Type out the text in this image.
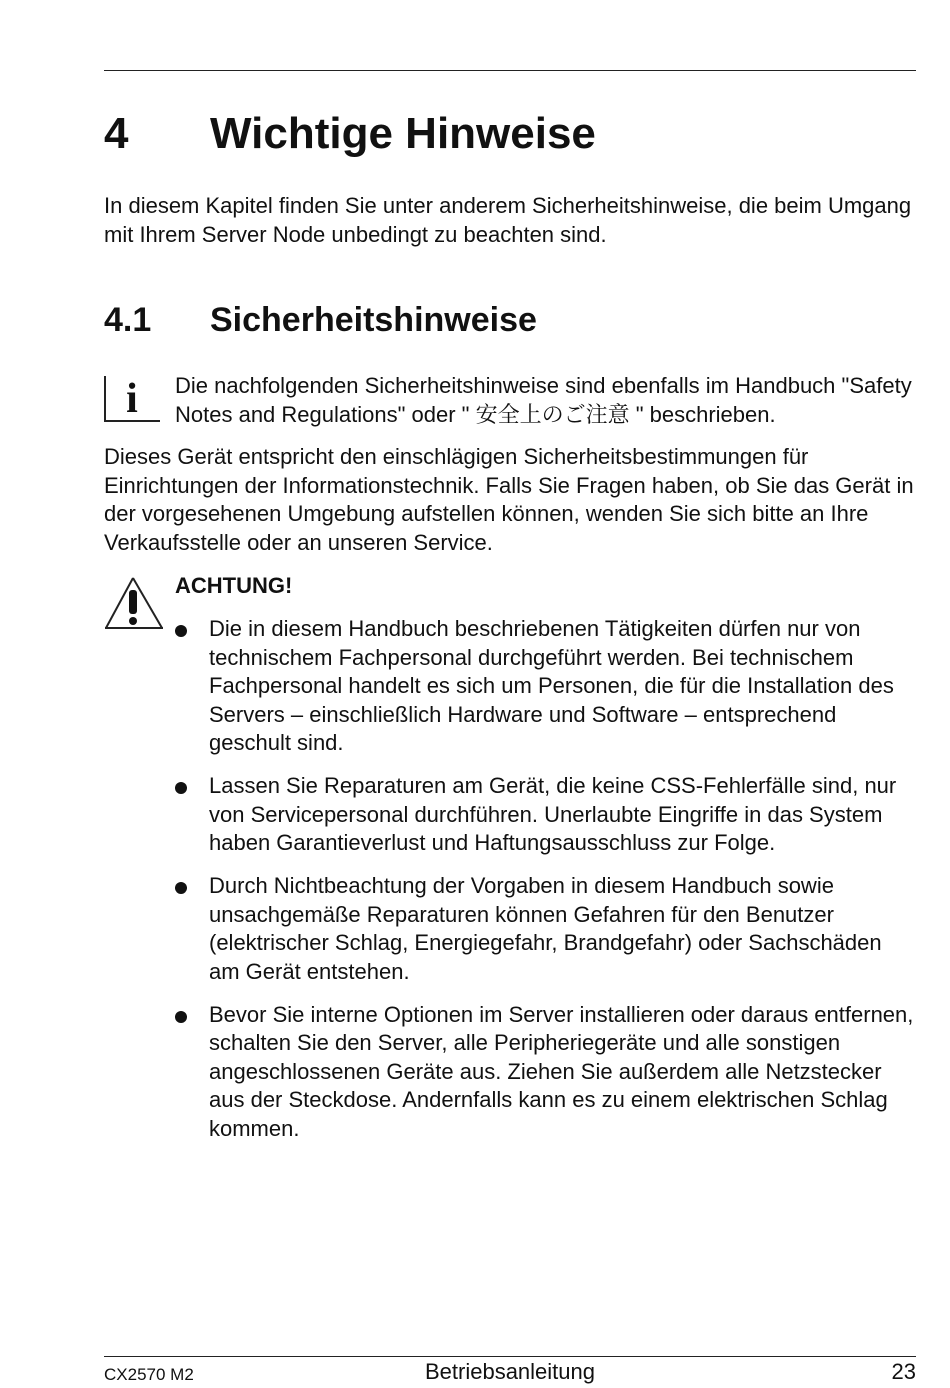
4 Wichtige Hinweise
In diesem Kapitel finden Sie unter anderem Sicherheitshinweise, die beim Umgang mit Ihrem Server Node unbedingt zu beachten sind.
4.1 Sicherheitshinweise
i	Die nachfolgenden Sicherheitshinweise sind ebenfalls im Handbuch "Safety Notes and Regulations" oder " 安全上のご注意 " beschrieben.
Dieses Gerät entspricht den einschlägigen Sicherheitsbestimmungen für Einrichtungen der Informationstechnik. Falls Sie Fragen haben, ob Sie das Gerät in der vorgesehenen Umgebung aufstellen können, wenden Sie sich bitte an Ihre Verkaufsstelle oder an unseren Service.
ACHTUNG!
Die in diesem Handbuch beschriebenen Tätigkeiten dürfen nur von technischem Fachpersonal durchgeführt werden. Bei technischem Fachpersonal handelt es sich um Personen, die für die Installation des Servers – einschließlich Hardware und Software – entsprechend geschult sind.
Lassen Sie Reparaturen am Gerät, die keine CSS-Fehlerfälle sind, nur von Servicepersonal durchführen. Unerlaubte Eingriffe in das System haben Garantieverlust und Haftungsausschluss zur Folge.
Durch Nichtbeachtung der Vorgaben in diesem Handbuch sowie unsachgemäße Reparaturen können Gefahren für den Benutzer (elektrischer Schlag, Energiegefahr, Brandgefahr) oder Sachschäden am Gerät entstehen.
Bevor Sie interne Optionen im Server installieren oder daraus entfernen, schalten Sie den Server, alle Peripheriegeräte und alle sonstigen angeschlossenen Geräte aus. Ziehen Sie außerdem alle Netzstecker aus der Steckdose. Andernfalls kann es zu einem elektrischen Schlag kommen.
CX2570 M2	Betriebsanleitung	23
